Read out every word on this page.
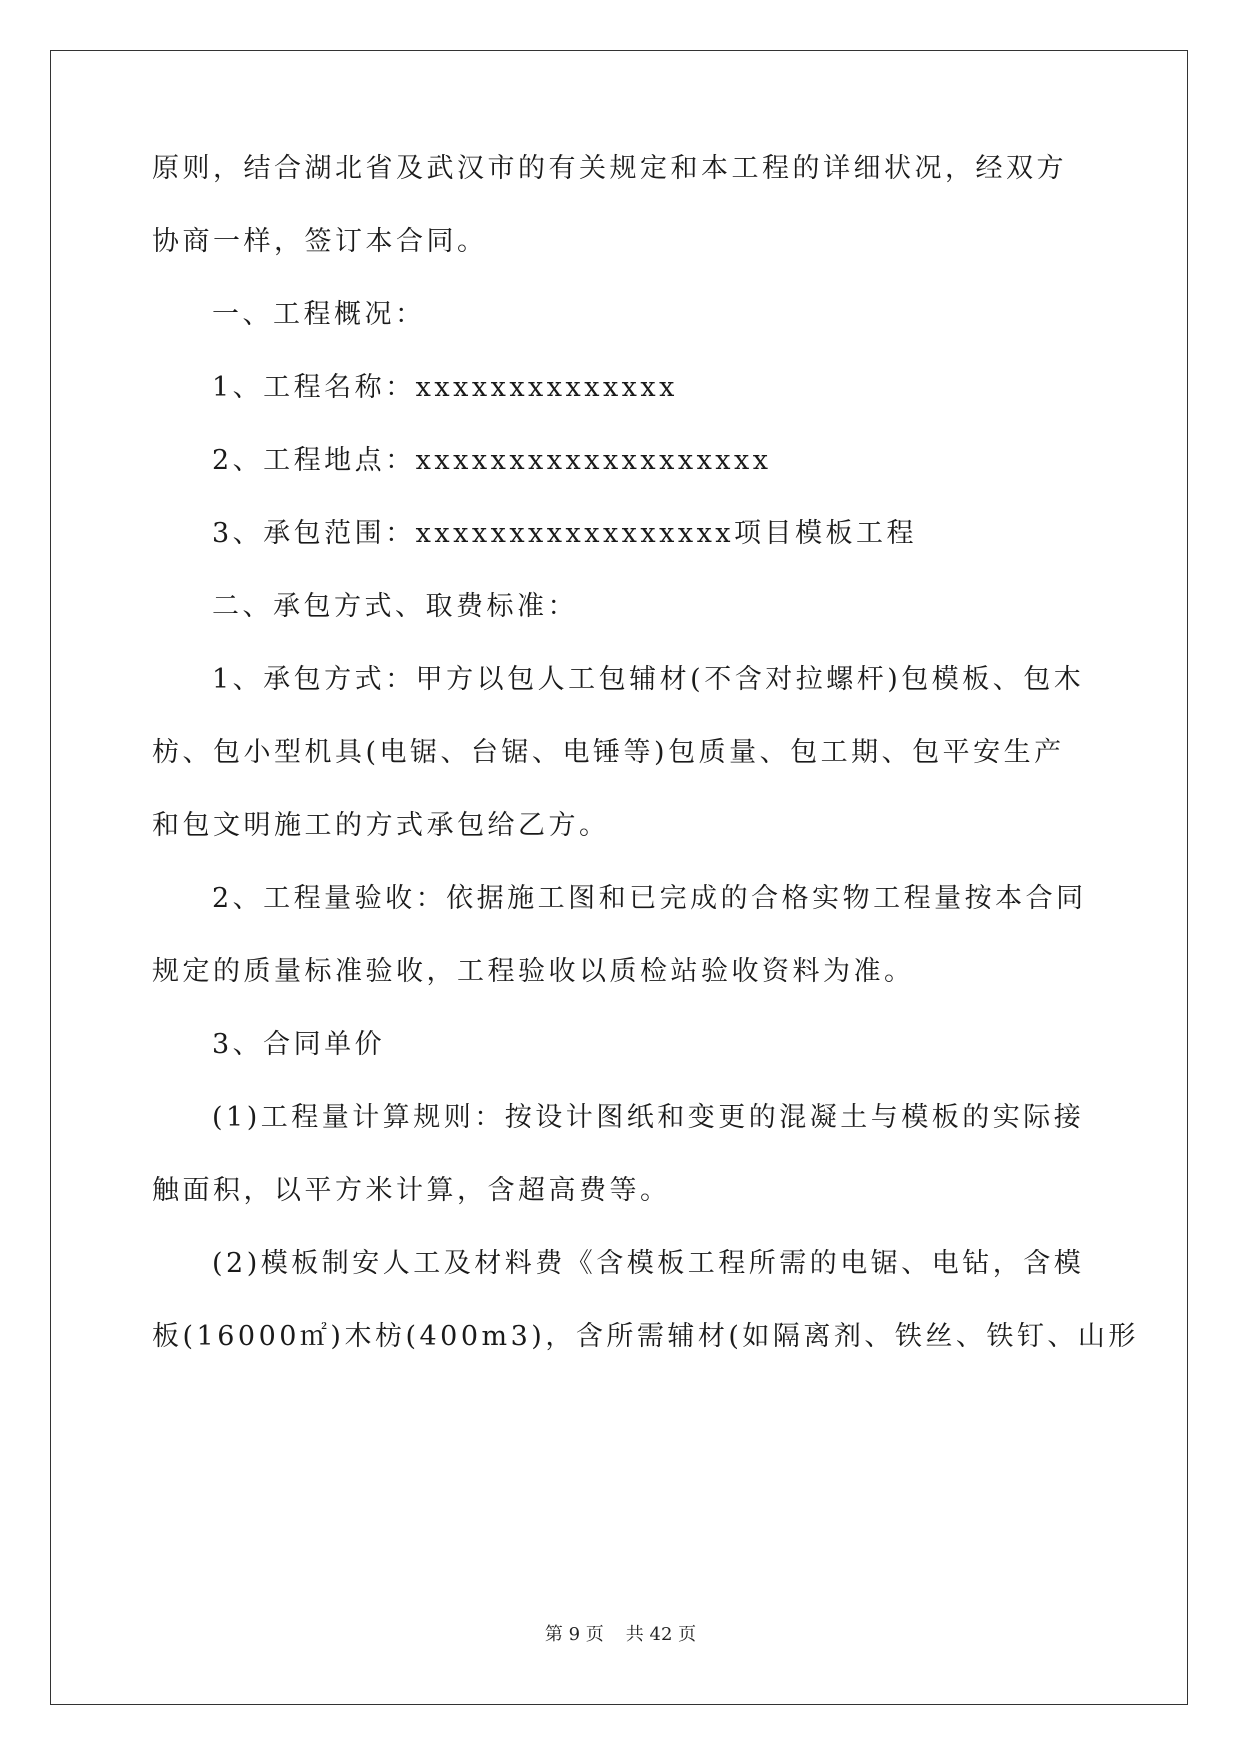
原则，结合湖北省及武汉市的有关规定和本工程的详细状况，经双方
协商一样，签订本合同。
一、工程概况：
1、工程名称：xxxxxxxxxxxxxx
2、工程地点：xxxxxxxxxxxxxxxxxxx
3、承包范围：xxxxxxxxxxxxxxxxx项目模板工程
二、承包方式、取费标准：
1、承包方式：甲方以包人工包辅材(不含对拉螺杆)包模板、包木
枋、包小型机具(电锯、台锯、电锤等)包质量、包工期、包平安生产
和包文明施工的方式承包给乙方。
2、工程量验收：依据施工图和已完成的合格实物工程量按本合同
规定的质量标准验收，工程验收以质检站验收资料为准。
3、合同单价
(1)工程量计算规则：按设计图纸和变更的混凝土与模板的实际接
触面积，以平方米计算，含超高费等。
(2)模板制安人工及材料费《含模板工程所需的电锯、电钻，含模
板(16000㎡)木枋(400m3)，含所需辅材(如隔离剂、铁丝、铁钉、山形
第 9 页 共 42 页
